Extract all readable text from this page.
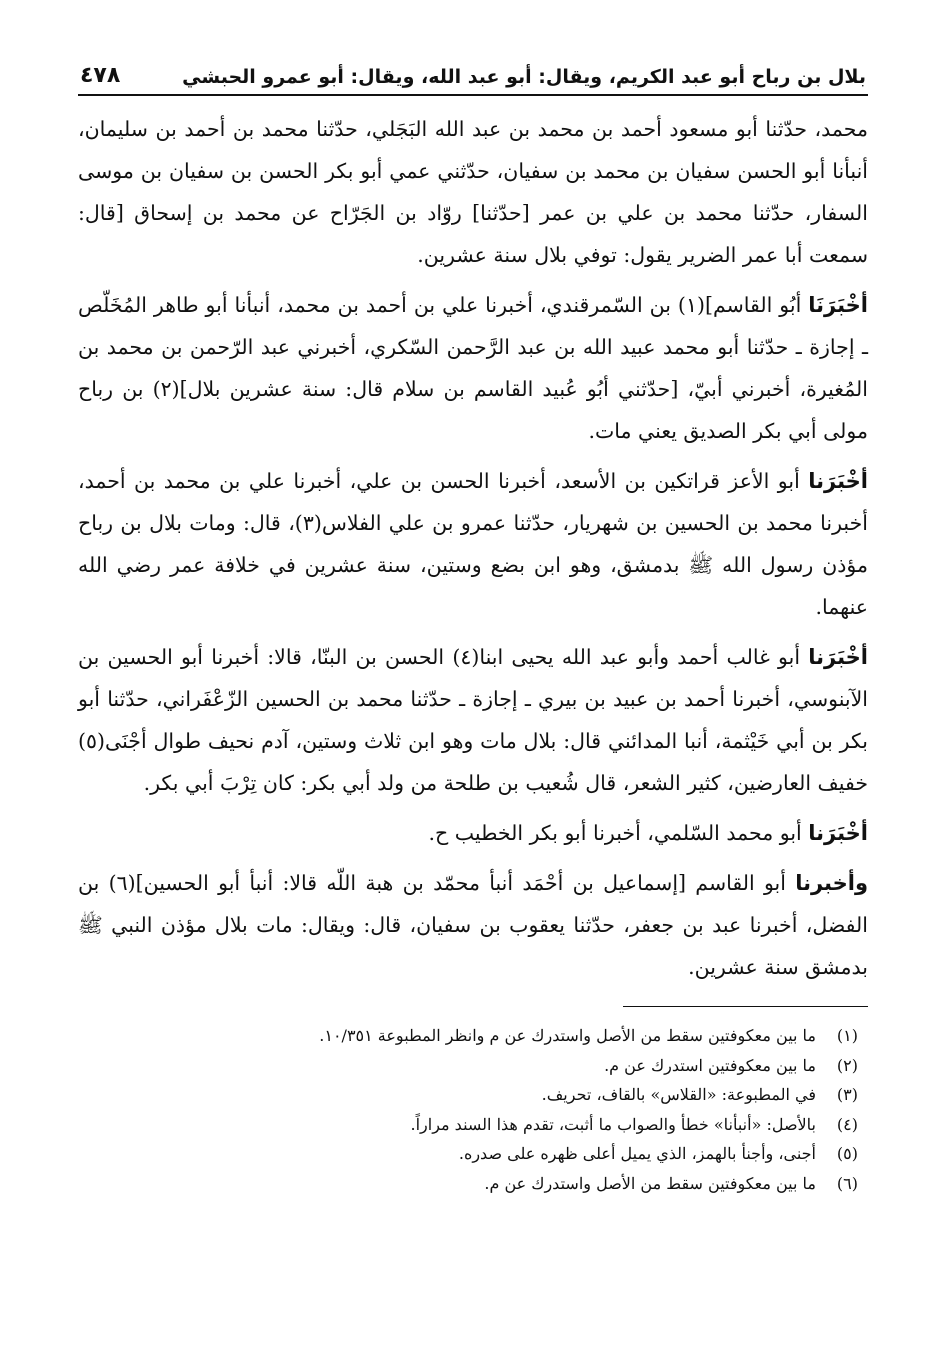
بلال بن رباح أبو عبد الكريم، ويقال: أبو عبد الله، ويقال: أبو عمرو الحبشي
٤٧٨

محمد، حدّثنا أبو مسعود أحمد بن محمد بن عبد الله البَجَلي، حدّثنا محمد بن أحمد بن سليمان، أنبأنا أبو الحسن سفيان بن محمد بن سفيان، حدّثني عمي أبو بكر الحسن بن سفيان بن موسى السفار، حدّثنا محمد بن علي بن عمر [حدّثنا] روّاد بن الجَرّاح عن محمد بن إسحاق [قال: سمعت أبا عمر الضرير يقول: توفي بلال سنة عشرين.

أخْبَرَنَا أبُو القاسم](١) بن السّمرقندي، أخبرنا علي بن أحمد بن محمد، أنبأنا أبو طاهر المُخَلّص ـ إجازة ـ حدّثنا أبو محمد عبيد الله بن عبد الرَّحمن السّكري، أخبرني عبد الرّحمن بن محمد بن المُغيرة، أخبرني أبيّ، [حدّثني أبُو عُبيد القاسم بن سلام قال: سنة عشرين بلال](٢) بن رباح مولى أبي بكر الصديق يعني مات.

أخْبَرَنا أبو الأعز قراتكين بن الأسعد، أخبرنا الحسن بن علي، أخبرنا علي بن محمد بن أحمد، أخبرنا محمد بن الحسين بن شهريار، حدّثنا عمرو بن علي الفلاس(٣)، قال: ومات بلال بن رباح مؤذن رسول الله ﷺ بدمشق، وهو ابن بضع وستين، سنة عشرين في خلافة عمر رضي الله عنهما.

أخْبَرَنا أبو غالب أحمد وأبو عبد الله يحيى ابنا(٤) الحسن بن البنّا، قالا: أخبرنا أبو الحسين بن الآبنوسي، أخبرنا أحمد بن عبيد بن بيري ـ إجازة ـ حدّثنا محمد بن الحسين الزّعْفَراني، حدّثنا أبو بكر بن أبي خَيْثمة، أنبا المدائني قال: بلال مات وهو ابن ثلاث وستين، آدم نحيف طوال أجْنَى(٥) خفيف العارضين، كثير الشعر، قال شُعيب بن طلحة من ولد أبي بكر: كان تِرْبَ أبي بكر.

أخْبَرَنا أبو محمد السّلمي، أخبرنا أبو بكر الخطيب ح.

وأخبرنا أبو القاسم [إسماعيل بن أحْمَد أنبأ محمّد بن هبة اللّه قالا: أنبأ أبو الحسين](٦) بن الفضل، أخبرنا عبد بن جعفر، حدّثنا يعقوب بن سفيان، قال: ويقال: مات بلال مؤذن النبي ﷺ بدمشق سنة عشرين.

(١)
ما بين معكوفتين سقط من الأصل واستدرك عن م وانظر المطبوعة ١٠/٣٥١.
(٢)
ما بين معكوفتين استدرك عن م.
(٣)
في المطبوعة: «القلاس» بالقاف، تحريف.
(٤)
بالأصل: «أنبأنا» خطأ والصواب ما أثبت، تقدم هذا السند مراراً.
(٥)
أجنى، وأجنأ بالهمز، الذي يميل أعلى ظهره على صدره.
(٦)
ما بين معكوفتين سقط من الأصل واستدرك عن م.
